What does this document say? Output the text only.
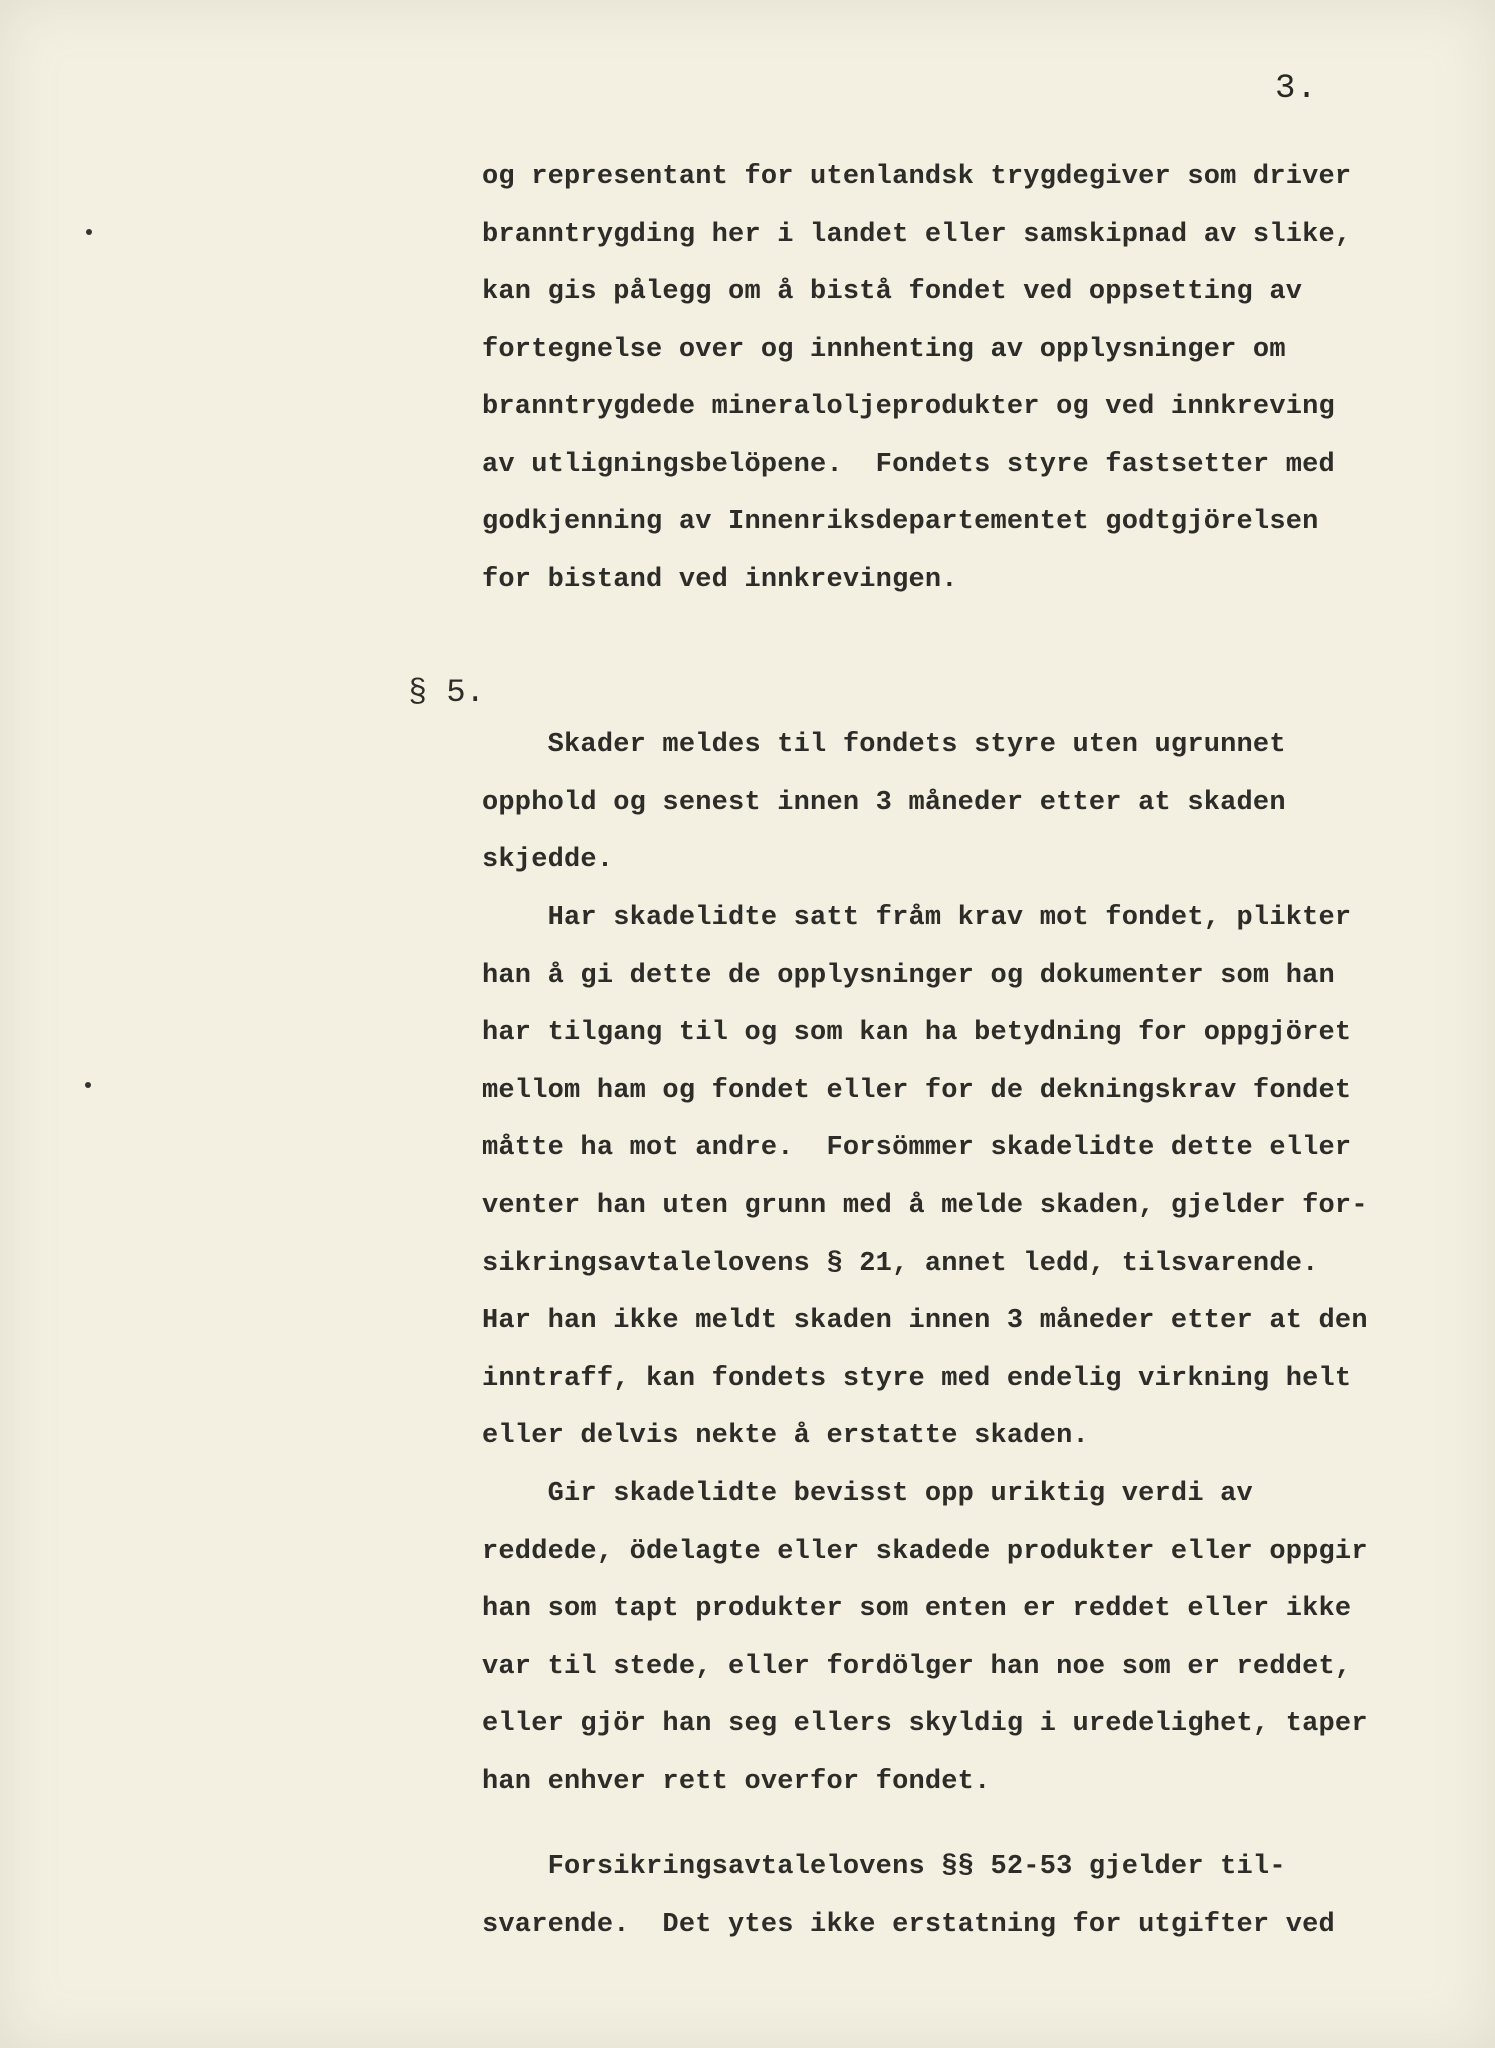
3.
og representant for utenlandsk trygdegiver som driver
branntrygding her i landet eller samskipnad av slike,
kan gis pålegg om å bistå fondet ved oppsetting av
fortegnelse over og innhenting av opplysninger om
branntrygdede mineraloljeprodukter og ved innkreving
av utligningsbelöpene.  Fondets styre fastsetter med
godkjenning av Innenriksdepartementet godtgjörelsen
for bistand ved innkrevingen.
§ 5.
Skader meldes til fondets styre uten ugrunnet
opphold og senest innen 3 måneder etter at skaden
skjedde.
Har skadelidte satt fråm krav mot fondet, plikter
han å gi dette de opplysninger og dokumenter som han
har tilgang til og som kan ha betydning for oppgjöret
mellom ham og fondet eller for de dekningskrav fondet
måtte ha mot andre.  Forsömmer skadelidte dette eller
venter han uten grunn med å melde skaden, gjelder for-
sikringsavtalelovens § 21, annet ledd, tilsvarende.
Har han ikke meldt skaden innen 3 måneder etter at den
inntraff, kan fondets styre med endelig virkning helt
eller delvis nekte å erstatte skaden.
Gir skadelidte bevisst opp uriktig verdi av
reddede, ödelagte eller skadede produkter eller oppgir
han som tapt produkter som enten er reddet eller ikke
var til stede, eller fordölger han noe som er reddet,
eller gjör han seg ellers skyldig i uredelighet, taper
han enhver rett overfor fondet.
Forsikringsavtalelovens §§ 52-53 gjelder til-
svarende.  Det ytes ikke erstatning for utgifter ved
